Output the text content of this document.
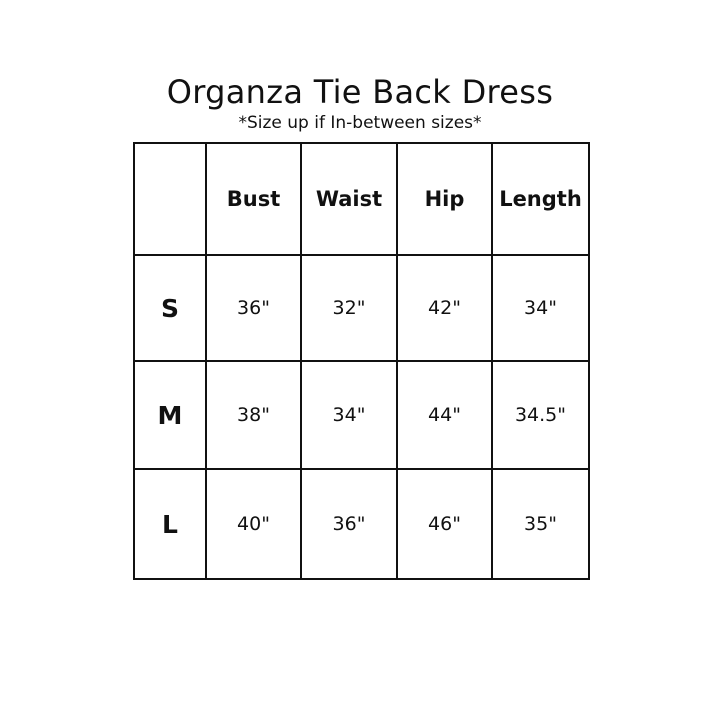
Organza Tie Back Dress
*Size up if In-between sizes*
	Bust	Waist	Hip	Length
S	36"	32"	42"	34"
M	38"	34"	44"	34.5"
L	40"	36"	46"	35"
